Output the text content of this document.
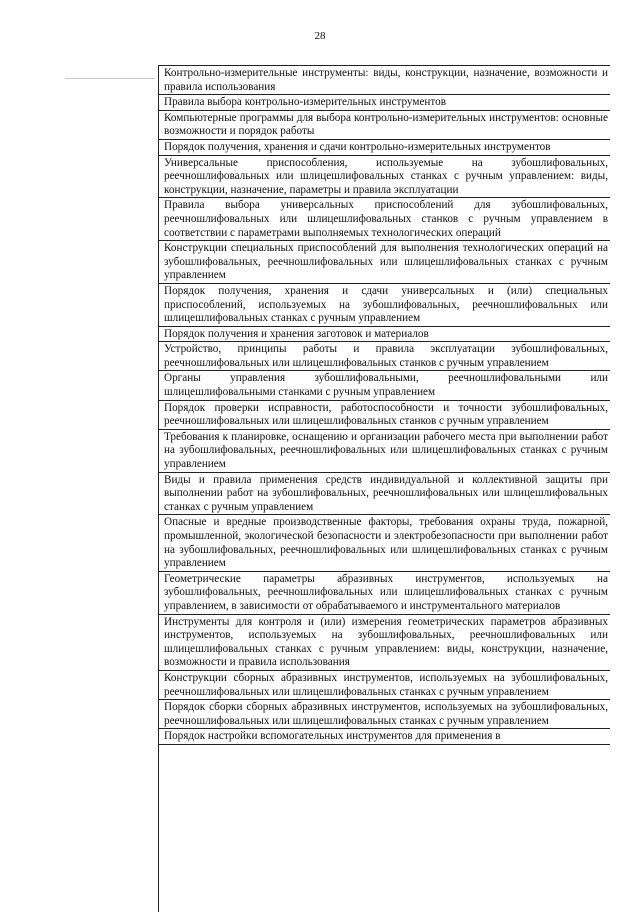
28
Контрольно-измерительные инструменты: виды, конструкции, назначение, возможности и правила использования
Правила выбора контрольно-измерительных инструментов
Компьютерные программы для выбора контрольно-измерительных инструментов: основные возможности и порядок работы
Порядок получения, хранения и сдачи контрольно-измерительных инструментов
Универсальные приспособления, используемые на зубошлифовальных, реечношлифовальных или шлицешлифовальных станках с ручным управлением: виды, конструкции, назначение, параметры и правила эксплуатации
Правила выбора универсальных приспособлений для зубошлифовальных, реечношлифовальных или шлицешлифовальных станков с ручным управлением в соответствии с параметрами выполняемых технологических операций
Конструкции специальных приспособлений для выполнения технологических операций на зубошлифовальных, реечношлифовальных или шлицешлифовальных станках с ручным управлением
Порядок получения, хранения и сдачи универсальных и (или) специальных приспособлений, используемых на зубошлифовальных, реечношлифовальных или шлицешлифовальных станках с ручным управлением
Порядок получения и хранения заготовок и материалов
Устройство, принципы работы и правила эксплуатации зубошлифовальных, реечношлифовальных или шлицешлифовальных станков с ручным управлением
Органы управления зубошлифовальными, реечношлифовальными или шлицешлифовальными станками с ручным управлением
Порядок проверки исправности, работоспособности и точности зубошлифовальных, реечношлифовальных или шлицешлифовальных станков с ручным управлением
Требования к планировке, оснащению и организации рабочего места при выполнении работ на зубошлифовальных, реечношлифовальных или шлицешлифовальных станках с ручным управлением
Виды и правила применения средств индивидуальной и коллективной защиты при выполнении работ на зубошлифовальных, реечношлифовальных или шлицешлифовальных станках с ручным управлением
Опасные и вредные производственные факторы, требования охраны труда, пожарной, промышленной, экологической безопасности и электробезопасности при выполнении работ на зубошлифовальных, реечношлифовальных или шлицешлифовальных станках с ручным управлением
Геометрические параметры абразивных инструментов, используемых на зубошлифовальных, реечношлифовальных или шлицешлифовальных станках с ручным управлением, в зависимости от обрабатываемого и инструментального материалов
Инструменты для контроля и (или) измерения геометрических параметров абразивных инструментов, используемых на зубошлифовальных, реечношлифовальных или шлицешлифовальных станках с ручным управлением: виды, конструкции, назначение, возможности и правила использования
Конструкции сборных абразивных инструментов, используемых на зубошлифовальных, реечношлифовальных или шлицешлифовальных станках с ручным управлением
Порядок сборки сборных абразивных инструментов, используемых на зубошлифовальных, реечношлифовальных или шлицешлифовальных станках с ручным управлением
Порядок настройки вспомогательных инструментов для применения в
